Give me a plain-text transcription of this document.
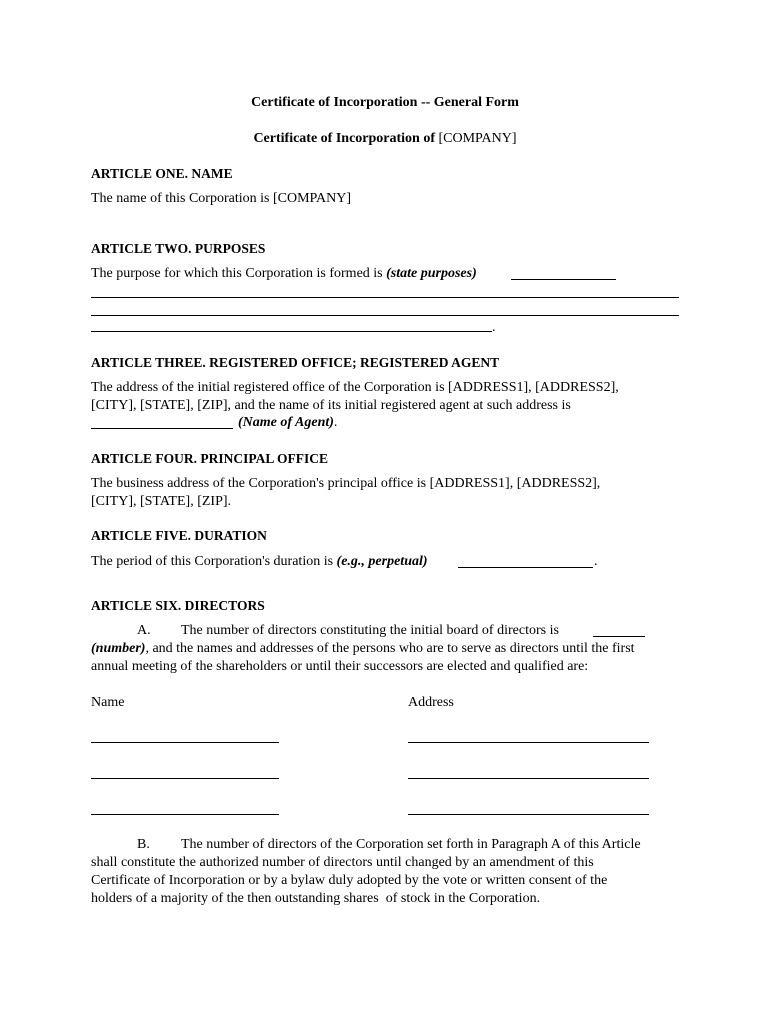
Certificate of Incorporation -- General Form
Certificate of Incorporation of [COMPANY]
ARTICLE ONE. NAME
The name of this Corporation is [COMPANY]
ARTICLE TWO. PURPOSES
The purpose for which this Corporation is formed is (state purposes)
.
ARTICLE THREE. REGISTERED OFFICE; REGISTERED AGENT
The address of the initial registered office of the Corporation is [ADDRESS1], [ADDRESS2],
[CITY], [STATE], [ZIP], and the name of its initial registered agent at such address is
(Name of Agent).
ARTICLE FOUR. PRINCIPAL OFFICE
The business address of the Corporation's principal office is [ADDRESS1], [ADDRESS2],
[CITY], [STATE], [ZIP].
ARTICLE FIVE. DURATION
The period of this Corporation's duration is (e.g., perpetual)	.
ARTICLE SIX. DIRECTORS
A. The number of directors constituting the initial board of directors is
(number), and the names and addresses of the persons who are to serve as directors until the first
annual meeting of the shareholders or until their successors are elected and qualified are:
Name	Address
B. The number of directors of the Corporation set forth in Paragraph A of this Article
shall constitute the authorized number of directors until changed by an amendment of this
Certificate of Incorporation or by a bylaw duly adopted by the vote or written consent of the
holders of a majority of the then outstanding shares  of stock in the Corporation.
